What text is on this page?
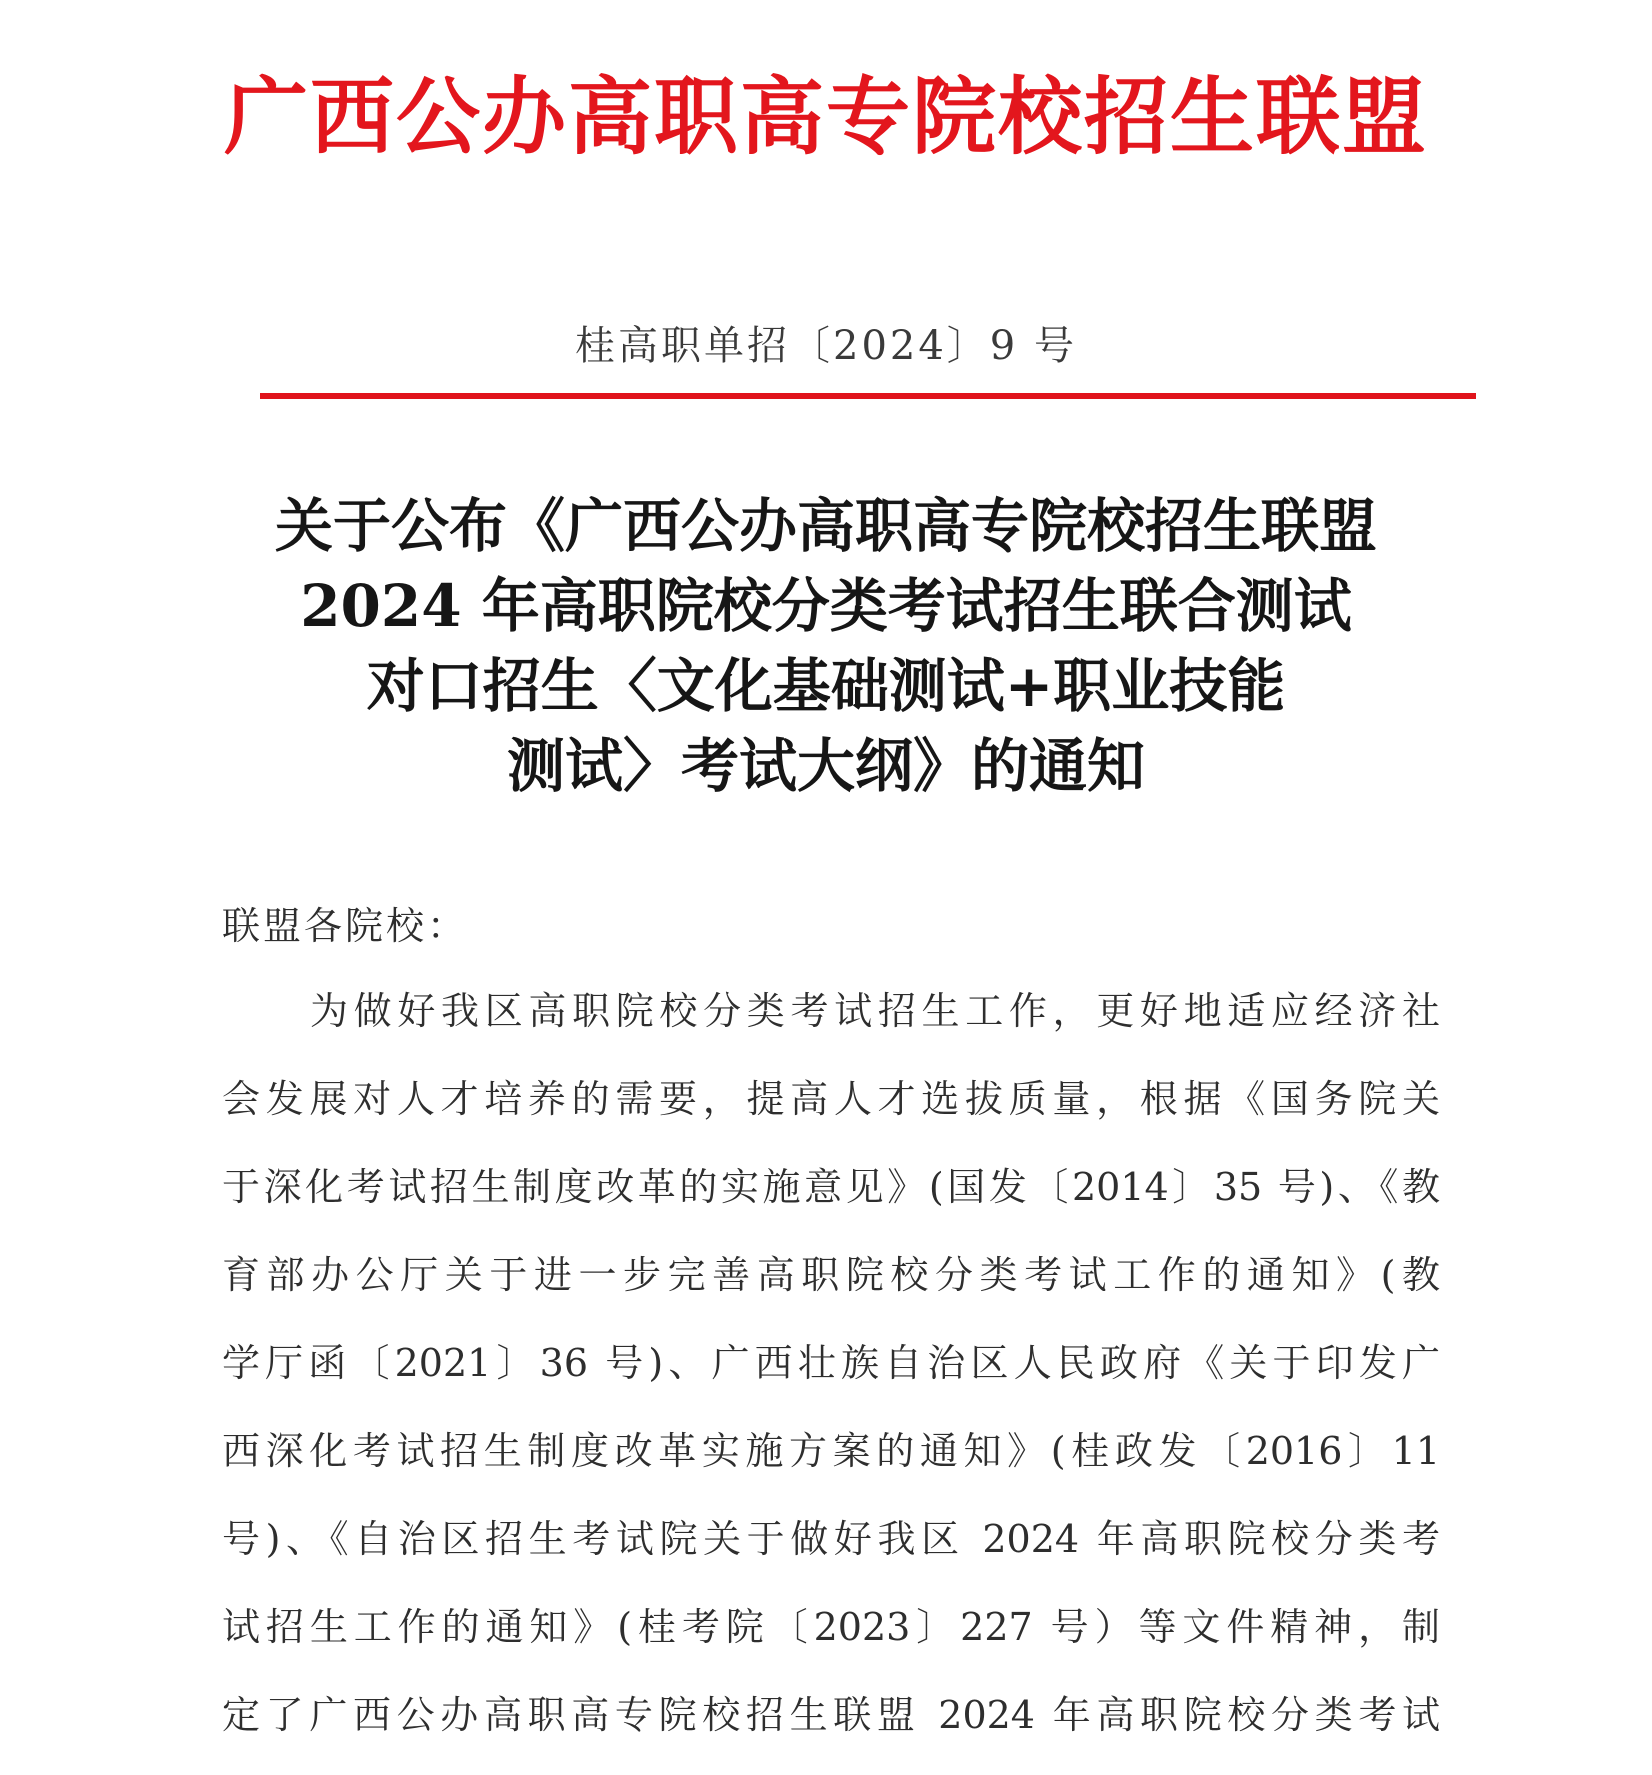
广西公办高职高专院校招生联盟
桂高职单招〔2024〕9 号
关于公布《广西公办高职高专院校招生联盟
2024 年高职院校分类考试招生联合测试
对口招生〈文化基础测试+职业技能
测试〉考试大纲》的通知
联盟各院校：
为做好我区高职院校分类考试招生工作，更好地适应经济社
会发展对人才培养的需要，提高人才选拔质量，根据《国务院关
于深化考试招生制度改革的实施意见》(国发〔2014〕35 号)、《教
育部办公厅关于进一步完善高职院校分类考试工作的通知》(教
学厅函〔2021〕36 号)、广西壮族自治区人民政府《关于印发广
西深化考试招生制度改革实施方案的通知》(桂政发〔2016〕11
号)、《自治区招生考试院关于做好我区 2024 年高职院校分类考
试招生工作的通知》(桂考院〔2023〕227 号）等文件精神，制
定了广西公办高职高专院校招生联盟 2024 年高职院校分类考试
